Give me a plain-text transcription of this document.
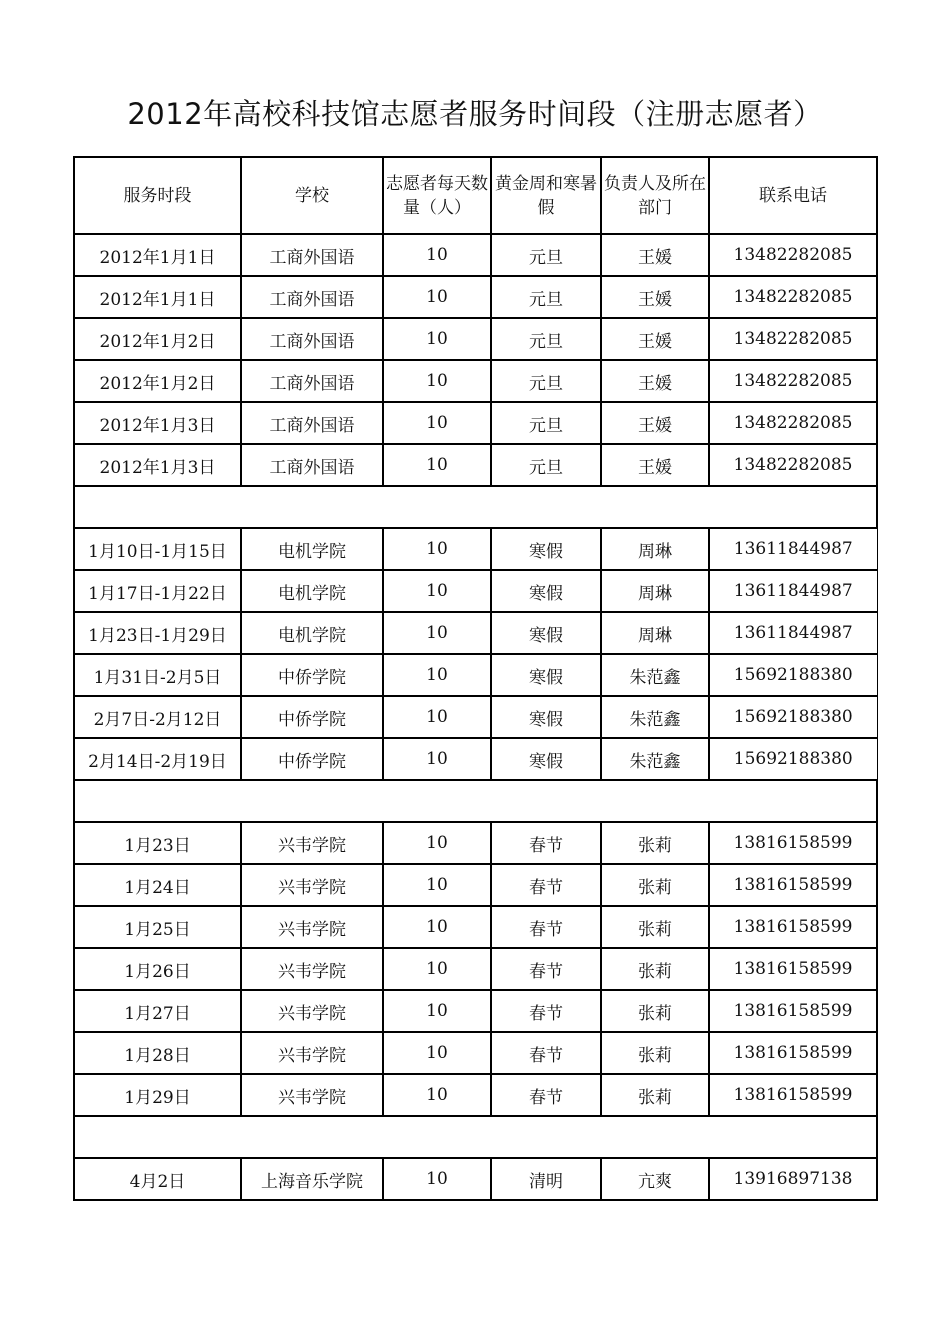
2012年高校科技馆志愿者服务时间段（注册志愿者）
服务时段	学校	志愿者每天数量（人）	黄金周和寒暑假	负责人及所在部门	联系电话
2012年1月1日	工商外国语	10	元旦	王媛	13482282085
2012年1月1日	工商外国语	10	元旦	王媛	13482282085
2012年1月2日	工商外国语	10	元旦	王媛	13482282085
2012年1月2日	工商外国语	10	元旦	王媛	13482282085
2012年1月3日	工商外国语	10	元旦	王媛	13482282085
2012年1月3日	工商外国语	10	元旦	王媛	13482282085

1月10日-1月15日	电机学院	10	寒假	周琳	13611844987
1月17日-1月22日	电机学院	10	寒假	周琳	13611844987
1月23日-1月29日	电机学院	10	寒假	周琳	13611844987
1月31日-2月5日	中侨学院	10	寒假	朱范鑫	15692188380
2月7日-2月12日	中侨学院	10	寒假	朱范鑫	15692188380
2月14日-2月19日	中侨学院	10	寒假	朱范鑫	15692188380

1月23日	兴韦学院	10	春节	张莉	13816158599
1月24日	兴韦学院	10	春节	张莉	13816158599
1月25日	兴韦学院	10	春节	张莉	13816158599
1月26日	兴韦学院	10	春节	张莉	13816158599
1月27日	兴韦学院	10	春节	张莉	13816158599
1月28日	兴韦学院	10	春节	张莉	13816158599
1月29日	兴韦学院	10	春节	张莉	13816158599

4月2日	上海音乐学院	10	清明	亢爽	13916897138
